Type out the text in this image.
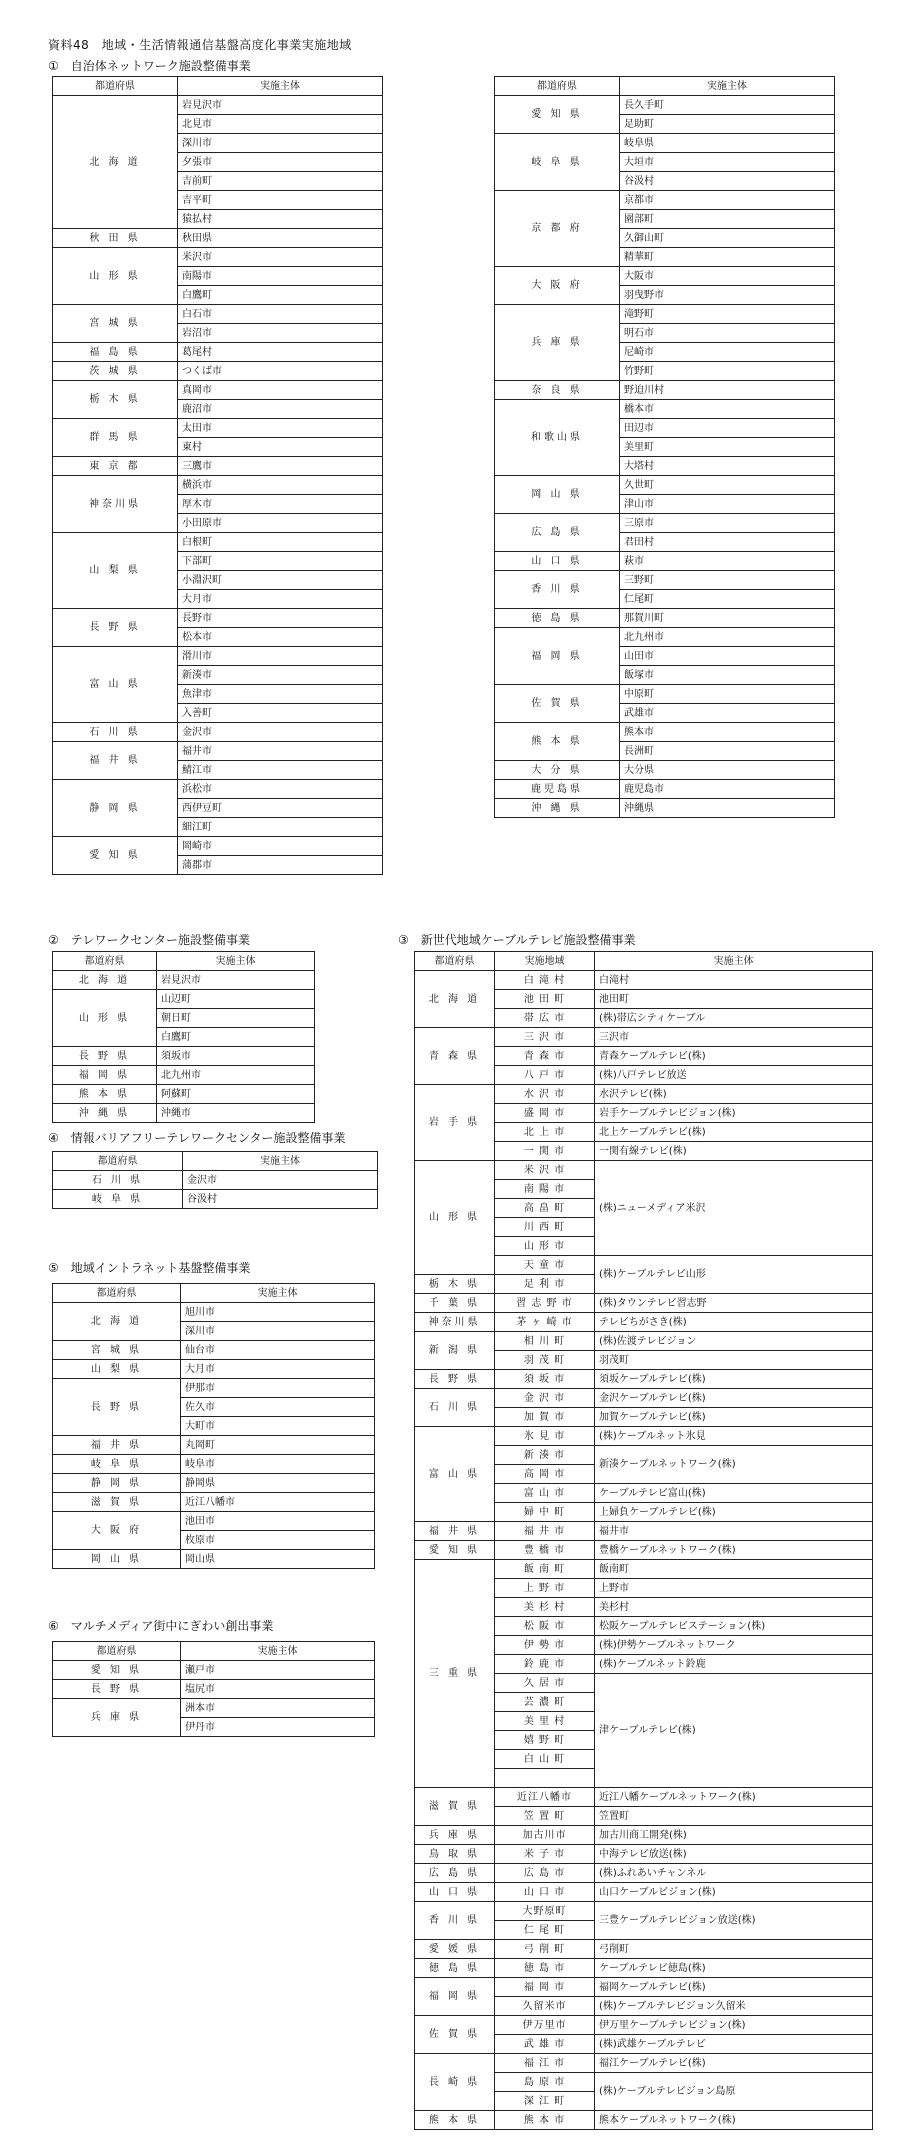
資料48　地域・生活情報通信基盤高度化事業実施地域
①　自治体ネットワーク施設整備事業
都道府県	実施主体
北 海 道	岩見沢市
	北見市
	深川市
	夕張市
	吉前町
	吉平町
	猿払村
秋 田 県	秋田県
山 形 県	米沢市
	南陽市
	白鷹町
宮 城 県	白石市
	岩沼市
福 島 県	葛尾村
茨 城 県	つくば市
栃 木 県	真岡市
	鹿沼市
群 馬 県	太田市
	東村
東 京 都	三鷹市
神奈川県	横浜市
	厚木市
	小田原市
山 梨 県	白根町
	下部町
	小淵沢町
	大月市
長 野 県	長野市
	松本市
富 山 県	滑川市
	新湊市
	魚津市
	入善町
石 川 県	金沢市
福 井 県	福井市
	鯖江市
静 岡 県	浜松市
	西伊豆町
	細江町
愛 知 県	岡崎市
	蒲郡市
都道府県	実施主体
愛 知 県	長久手町
	足助町
岐 阜 県	岐阜県
	大垣市
	谷汲村
京 都 府	京都市
	園部町
	久御山町
	精華町
大 阪 府	大阪市
	羽曳野市
兵 庫 県	滝野町
	明石市
	尼崎市
	竹野町
奈 良 県	野迫川村
和歌山県	橋本市
	田辺市
	美里町
	大塔村
岡 山 県	久世町
	津山市
広 島 県	三原市
	君田村
山 口 県	萩市
香 川 県	三野町
	仁尾町
徳 島 県	那賀川町
福 岡 県	北九州市
	山田市
	飯塚市
佐 賀 県	中原町
	武雄市
熊 本 県	熊本市
	長洲町
大 分 県	大分県
鹿児島県	鹿児島市
沖 縄 県	沖縄県
②　テレワークセンター施設整備事業
都道府県	実施主体
北 海 道	岩見沢市
山 形 県	山辺町
	朝日町
	白鷹町
長 野 県	須坂市
福 岡 県	北九州市
熊 本 県	阿蘇町
沖 縄 県	沖縄市
④　情報バリアフリーテレワークセンター施設整備事業
都道府県	実施主体
石 川 県	金沢市
岐 阜 県	谷汲村
⑤　地域イントラネット基盤整備事業
都道府県	実施主体
北 海 道	旭川市
	深川市
宮 城 県	仙台市
山 梨 県	大月市
長 野 県	伊那市
	佐久市
	大町市
福 井 県	丸岡町
岐 阜 県	岐阜市
静 岡 県	静岡県
滋 賀 県	近江八幡市
大 阪 府	池田市
	枚原市
岡 山 県	岡山県
⑥　マルチメディア街中にぎわい創出事業
都道府県	実施主体
愛 知 県	瀬戸市
長 野 県	塩尻市
兵 庫 県	洲本市
	伊丹市
③　新世代地域ケーブルテレビ施設整備事業
都道府県	実施地域	実施主体	
北 海 道	白 滝 村	白滝村	
	池 田 町	池田町	
	帯 広 市	(株)帯広シティケーブル	
青 森 県	三 沢 市	三沢市	
	青 森 市	青森ケーブルテレビ(株)	
	八 戸 市	(株)八戸テレビ放送	
岩 手 県	水 沢 市	水沢テレビ(株)	
	盛 岡 市	岩手ケーブルテレビジョン(株)	
	北 上 市	北上ケーブルテレビ(株)	
	一 関 市	一関有線テレビ(株)	
山 形 県	米 沢 市	(株)ニューメディア米沢	
	南 陽 市		
	高 畠 町		
	川 西 町		
	山 形 市		
	天 童 市	(株)ケーブルテレビ山形	
栃 木 県	足 利 市	
千 葉 県	習 志 野 市	(株)タウンテレビ習志野	
神奈川県	茅 ヶ 崎 市	テレビちがさき(株)	
新 潟 県	相 川 町	(株)佐渡テレビジョン	
	羽 茂 町	羽茂町	
長 野 県	須 坂 市	須坂ケーブルテレビ(株)	
石 川 県	金 沢 市	金沢ケーブルテレビ(株)	
	加 賀 市	加賀ケーブルテレビ(株)	
富 山 県	氷 見 市	(株)ケーブルネット氷見	
	新 湊 市	新湊ケーブルネットワーク(株)	
	高 岡 市		
	富 山 市	ケーブルテレビ富山(株)	
	婦 中 町	上婦負ケーブルテレビ(株)	
福 井 県	福 井 市	福井市	
愛 知 県	豊 橋 市	豊橋ケーブルネットワーク(株)	
三 重 県	飯 南 町	飯南町	
	上 野 市	上野市	
	美 杉 村	美杉村	
	松 阪 市	松阪ケーブルテレビステーション(株)	
	伊 勢 市	(株)伊勢ケーブルネットワーク	
	鈴 鹿 市	(株)ケーブルネット鈴鹿	
	久 居 市	津ケーブルテレビ(株)	
	芸 濃 町		
	美 里 村		
	嬉 野 町		
	白 山 町		

滋 賀 県	近江八幡市	近江八幡ケーブルネットワーク(株)	
	笠 置 町	笠置町	
兵 庫 県	加古川市	加古川商工開発(株)	
鳥 取 県	米 子 市	中海テレビ放送(株)	
広 島 県	広 島 市	(株)ふれあいチャンネル	
山 口 県	山 口 市	山口ケーブルビジョン(株)	
香 川 県	大野原町	三豊ケーブルテレビジョン放送(株)	
	仁 尾 町		
愛 媛 県	弓 削 町	弓削町	
徳 島 県	徳 島 市	ケーブルテレビ徳島(株)	
福 岡 県	福 岡 市	福岡ケーブルテレビ(株)	
	久留米市	(株)ケーブルテレビジョン久留米	
佐 賀 県	伊万里市	伊万里ケーブルテレビジョン(株)	
	武 雄 市	(株)武雄ケーブルテレビ	
長 崎 県	福 江 市	福江ケーブルテレビ(株)	
	島 原 市	(株)ケーブルテレビジョン島原	
	深 江 町		
熊 本 県	熊 本 市	熊本ケーブルネットワーク(株)	
